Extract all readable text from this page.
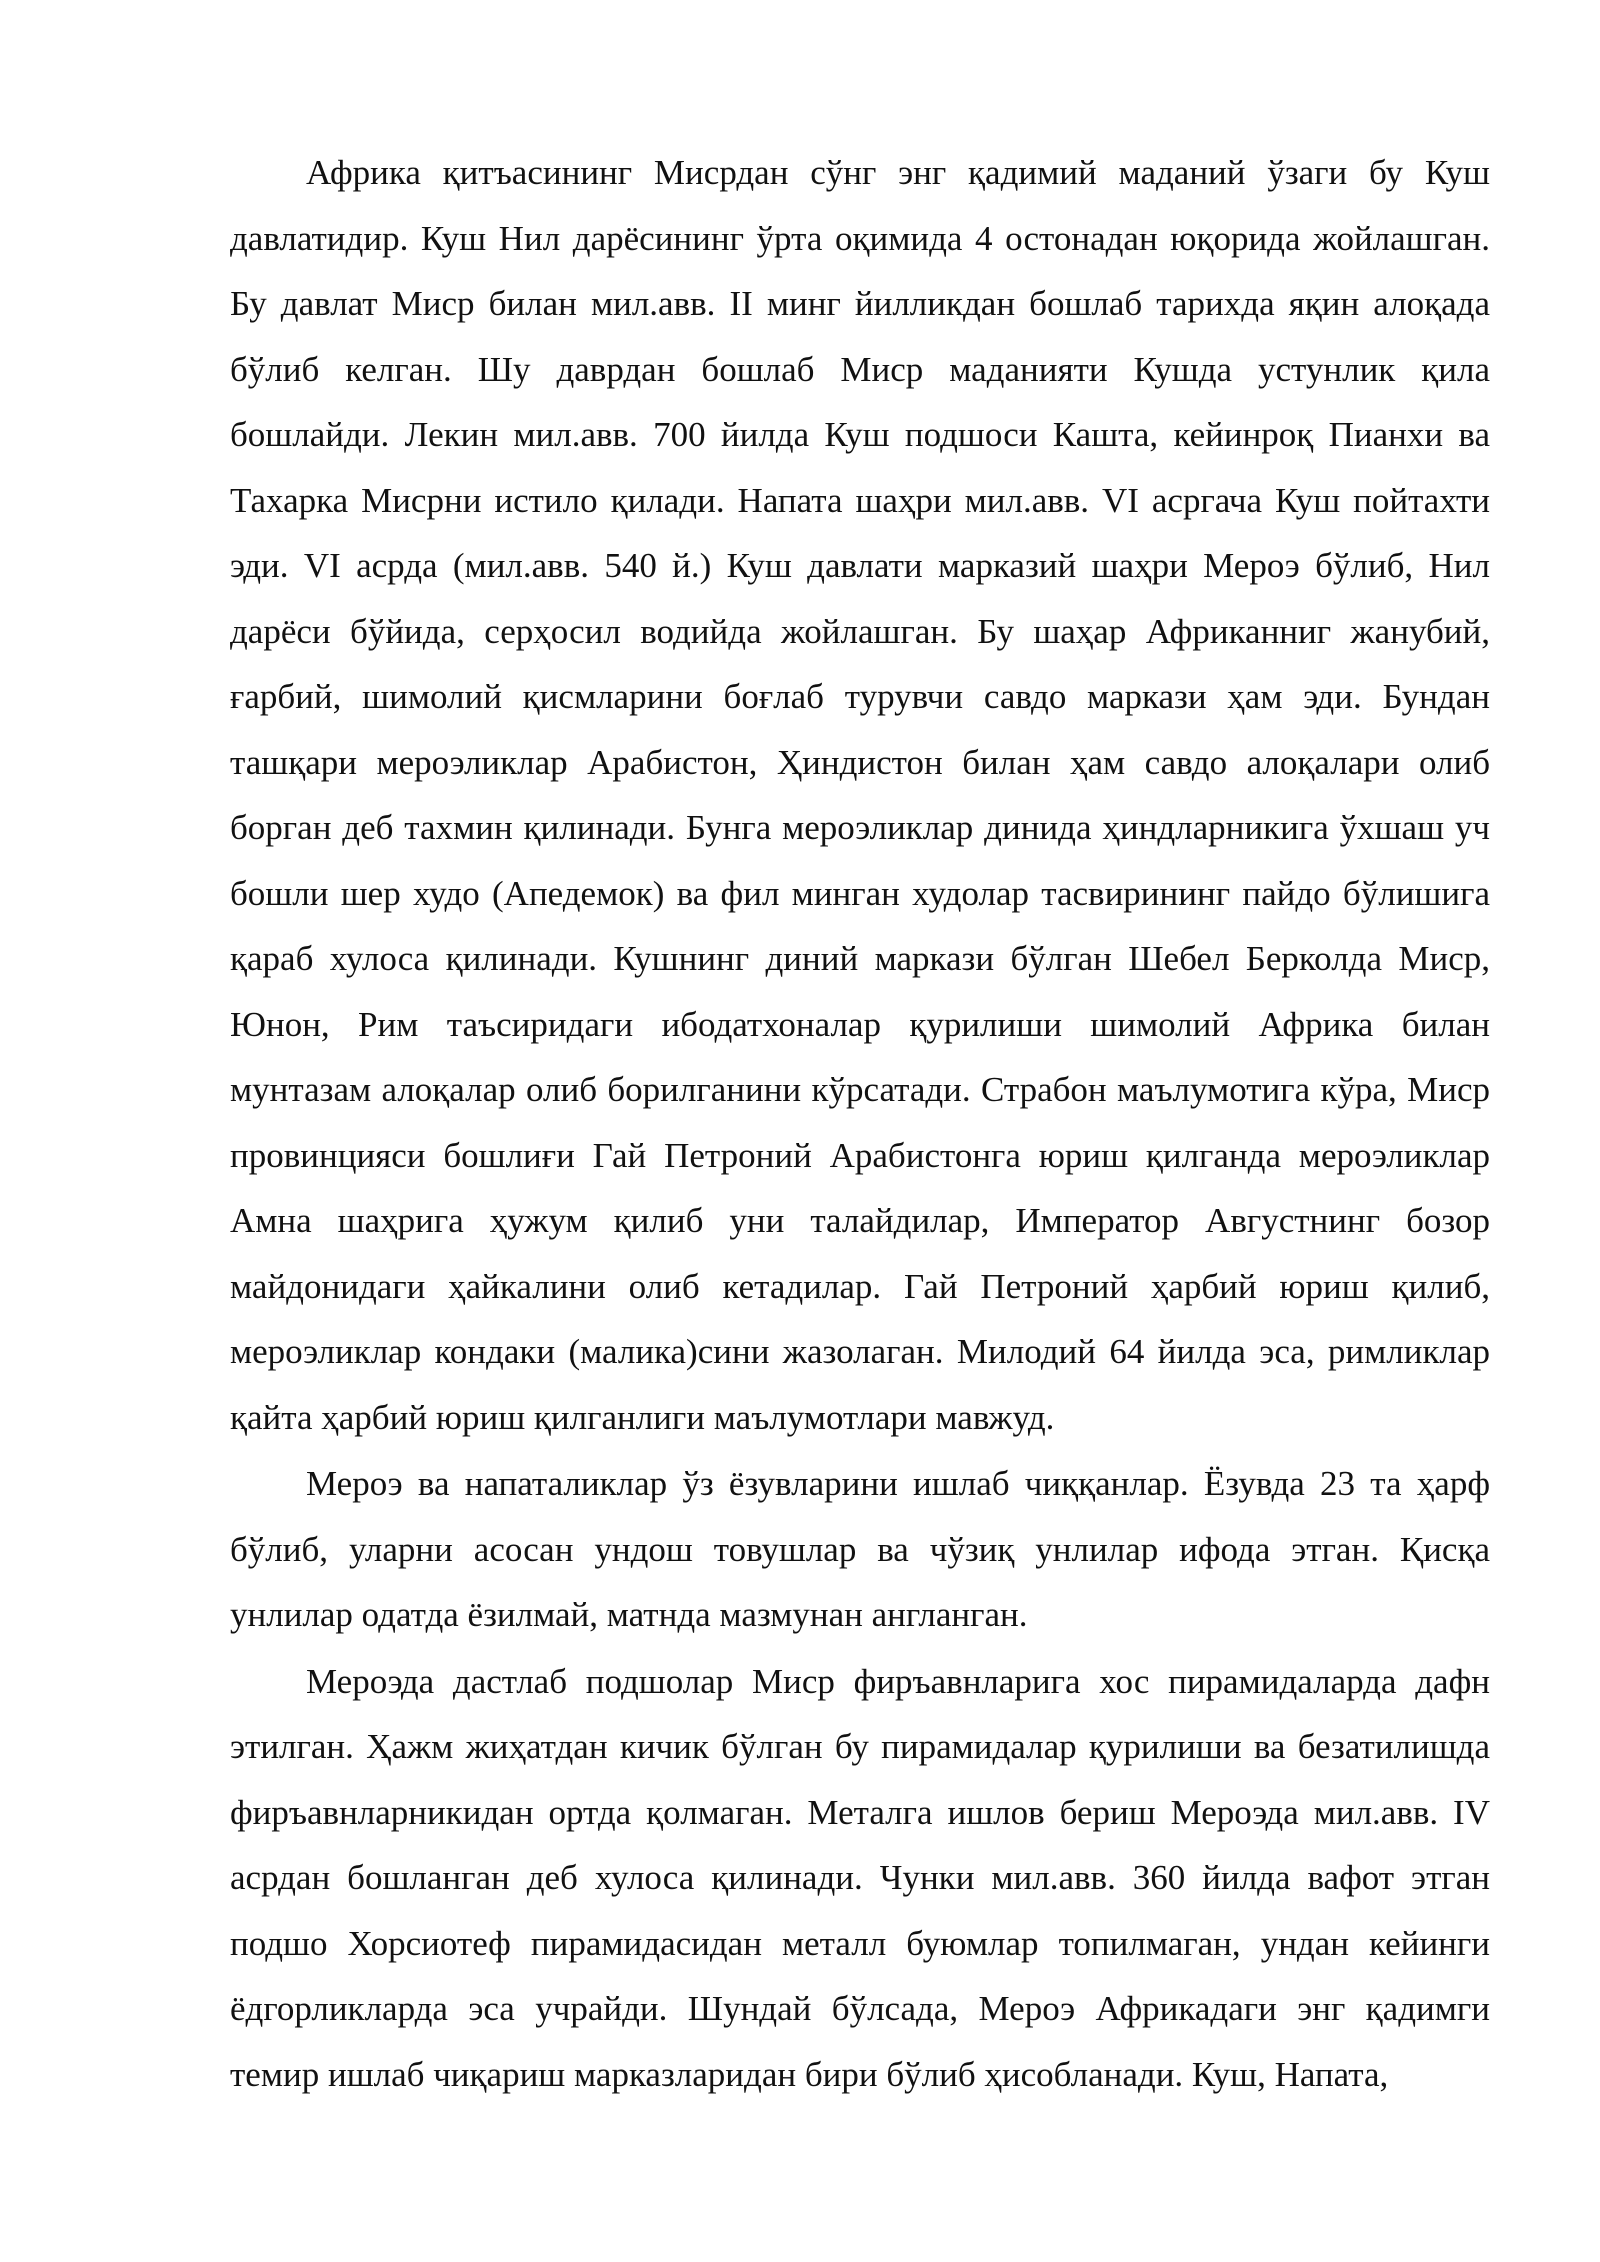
Африка қитъасининг Мисрдан сўнг энг қадимий маданий ўзаги бу Куш давлатидир. Куш Нил дарёсининг ўрта оқимида 4 остонадан юқорида жойлашган. Бу давлат Миср билан мил.авв. II минг йилликдан бошлаб тарихда яқин алоқада бўлиб келган. Шу даврдан бошлаб Миср маданияти Кушда устунлик қила бошлайди. Лекин мил.авв. 700 йилда Куш подшоси Кашта, кейинроқ Пианхи ва Тахарка Мисрни истило қилади. Напата шаҳри мил.авв. VI асргача Куш пойтахти эди. VI асрда (мил.авв. 540 й.) Куш давлати марказий шаҳри Мероэ бўлиб, Нил дарёси бўйида, серҳосил водийда жойлашган. Бу шаҳар Африканниг жанубий, ғарбий, шимолий қисмларини боғлаб турувчи савдо маркази ҳам эди. Бундан ташқари мероэликлар Арабистон, Ҳиндистон билан ҳам савдо алоқалари олиб борган деб тахмин қилинади. Бунга мероэликлар динида ҳиндларникига ўхшаш уч бошли шер худо (Апедемок) ва фил минган худолар тасвирининг пайдо бўлишига қараб хулоса қилинади. Кушнинг диний маркази бўлган Шебел Берколда Миср, Юнон, Рим таъсиридаги ибодатхоналар қурилиши шимолий Африка билан мунтазам алоқалар олиб борилганини кўрсатади. Страбон маълумотига кўра, Миср провинцияси бошлиғи Гай Петроний Арабистонга юриш қилганда мероэликлар Амна шаҳрига ҳужум қилиб уни талайдилар, Император Августнинг бозор майдонидаги ҳайкалини олиб кетадилар. Гай Петроний ҳарбий юриш қилиб, мероэликлар кондаки (малика)сини жазолаган. Милодий 64 йилда эса, римликлар қайта ҳарбий юриш қилганлиги маълумотлари мавжуд.

Мероэ ва напаталиклар ўз ёзувларини ишлаб чиққанлар. Ёзувда 23 та ҳарф бўлиб, уларни асосан ундош товушлар ва чўзиқ унлилар ифода этган. Қисқа унлилар одатда ёзилмай, матнда мазмунан англанган.

Мероэда дастлаб подшолар Миср фиръавнларига хос пирамидаларда дафн этилган. Ҳажм жиҳатдан кичик бўлган бу пирамидалар қурилиши ва безатилишда фиръавнларникидан ортда қолмаган. Металга ишлов бериш Мероэда мил.авв. IV асрдан бошланган деб хулоса қилинади. Чунки мил.авв. 360 йилда вафот этган подшо Хорсиотеф пирамидасидан металл буюмлар топилмаган, ундан кейинги ёдгорликларда эса учрайди. Шундай бўлсада, Мероэ Африкадаги энг қадимги темир ишлаб чиқариш марказларидан бири бўлиб ҳисобланади. Куш, Напата,
